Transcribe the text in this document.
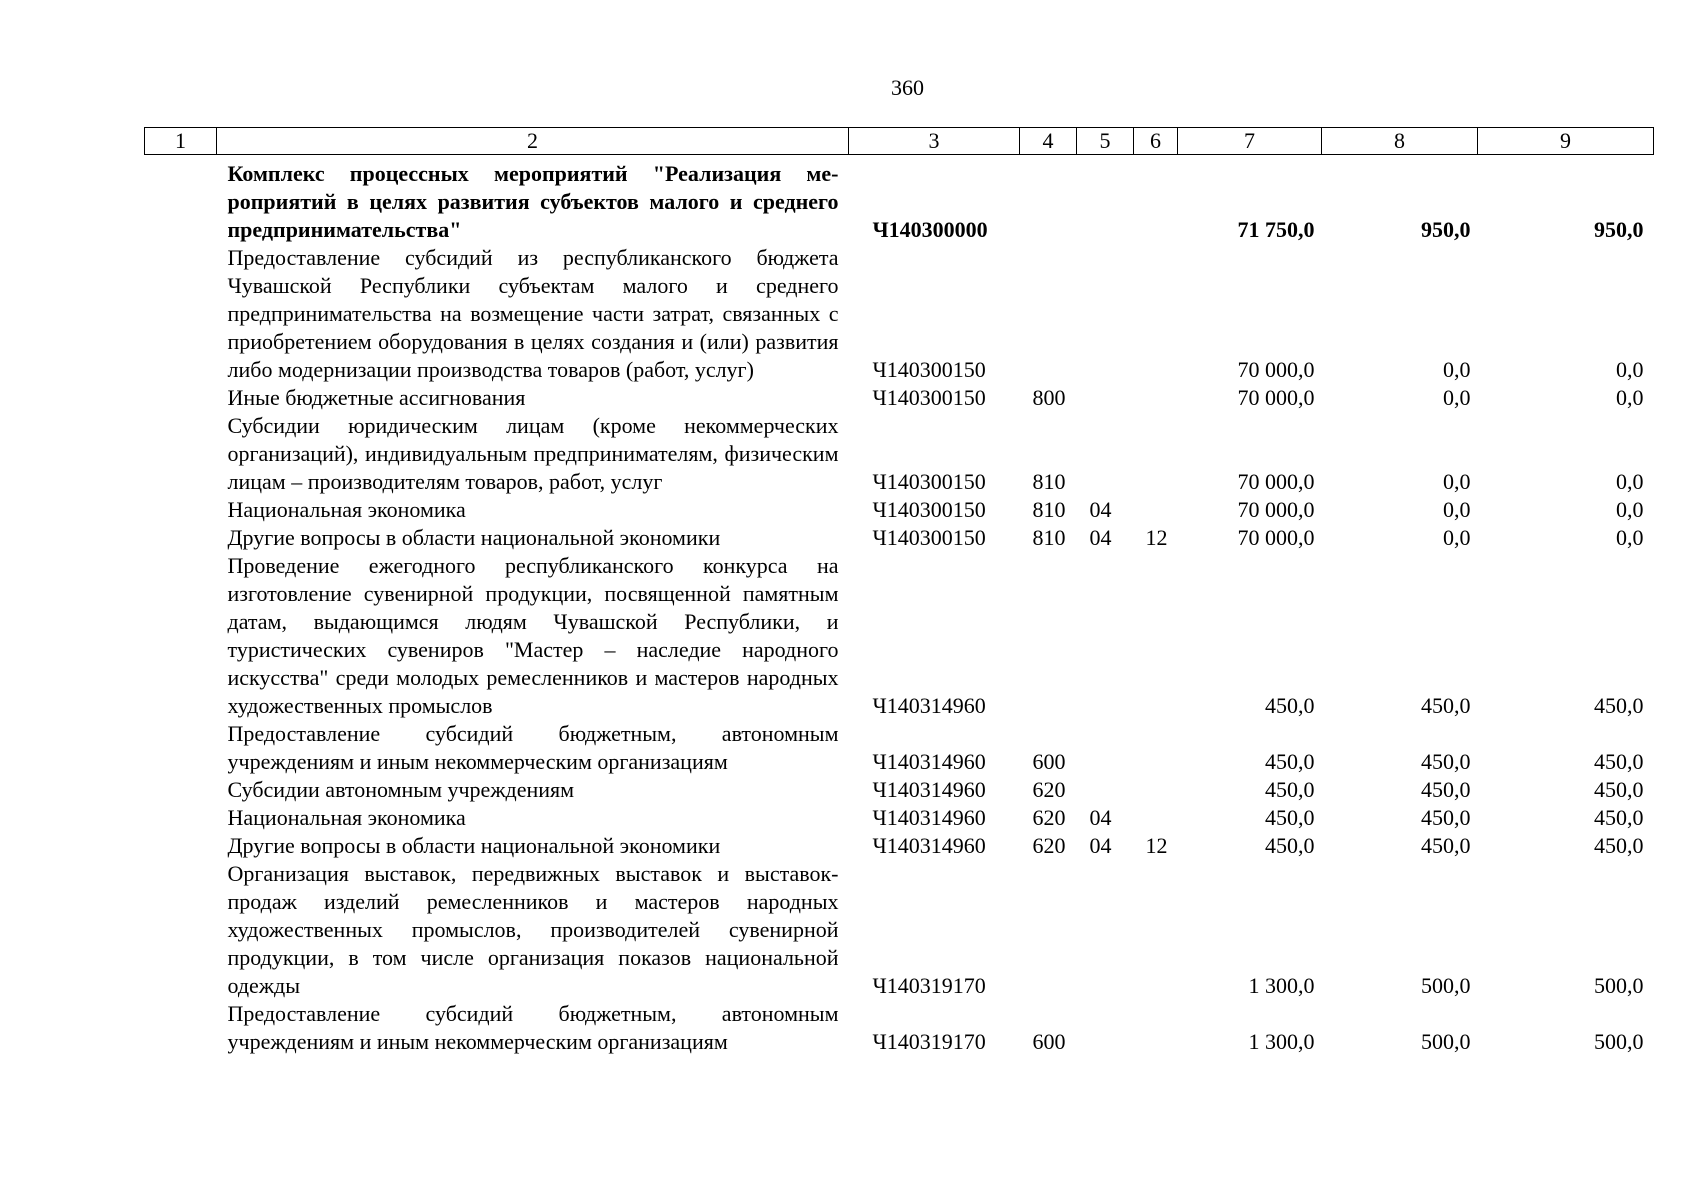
360
1	2	3	4	5	6	7	8	9
	Комплекс процессных мероприятий "Реализация мероприятий в целях развития субъектов малого и среднего предпринимательства"	Ч140300000				71 750,0	950,0	950,0
	Предоставление субсидий из республиканского бюджета Чувашской Республики субъектам малого и среднего предпринимательства на возмещение части затрат, связанных с приобретением оборудования в целях создания и (или) развития либо модернизации производства товаров (работ, услуг)	Ч140300150				70 000,0	0,0	0,0
	Иные бюджетные ассигнования	Ч140300150	800			70 000,0	0,0	0,0
	Субсидии юридическим лицам (кроме некоммерческих организаций), индивидуальным предпринимателям, физическим лицам – производителям товаров, работ, услуг	Ч140300150	810			70 000,0	0,0	0,0
	Национальная экономика	Ч140300150	810	04		70 000,0	0,0	0,0
	Другие вопросы в области национальной экономики	Ч140300150	810	04	12	70 000,0	0,0	0,0
	Проведение ежегодного республиканского конкурса на изготовление сувенирной продукции, посвященной памятным датам, выдающимся людям Чувашской Республики, и туристических сувениров "Мастер – наследие народного искусства" среди молодых ремесленников и мастеров народных художественных промыслов	Ч140314960				450,0	450,0	450,0
	Предоставление субсидий бюджетным, автономным учреждениям и иным некоммерческим организациям	Ч140314960	600			450,0	450,0	450,0
	Субсидии автономным учреждениям	Ч140314960	620			450,0	450,0	450,0
	Национальная экономика	Ч140314960	620	04		450,0	450,0	450,0
	Другие вопросы в области национальной экономики	Ч140314960	620	04	12	450,0	450,0	450,0
	Организация выставок, передвижных выставок и выставок-продаж изделий ремесленников и мастеров народных художественных промыслов, производителей сувенирной продукции, в том числе организация показов национальной одежды	Ч140319170				1 300,0	500,0	500,0
	Предоставление субсидий бюджетным, автономным учреждениям и иным некоммерческим организациям	Ч140319170	600			1 300,0	500,0	500,0
